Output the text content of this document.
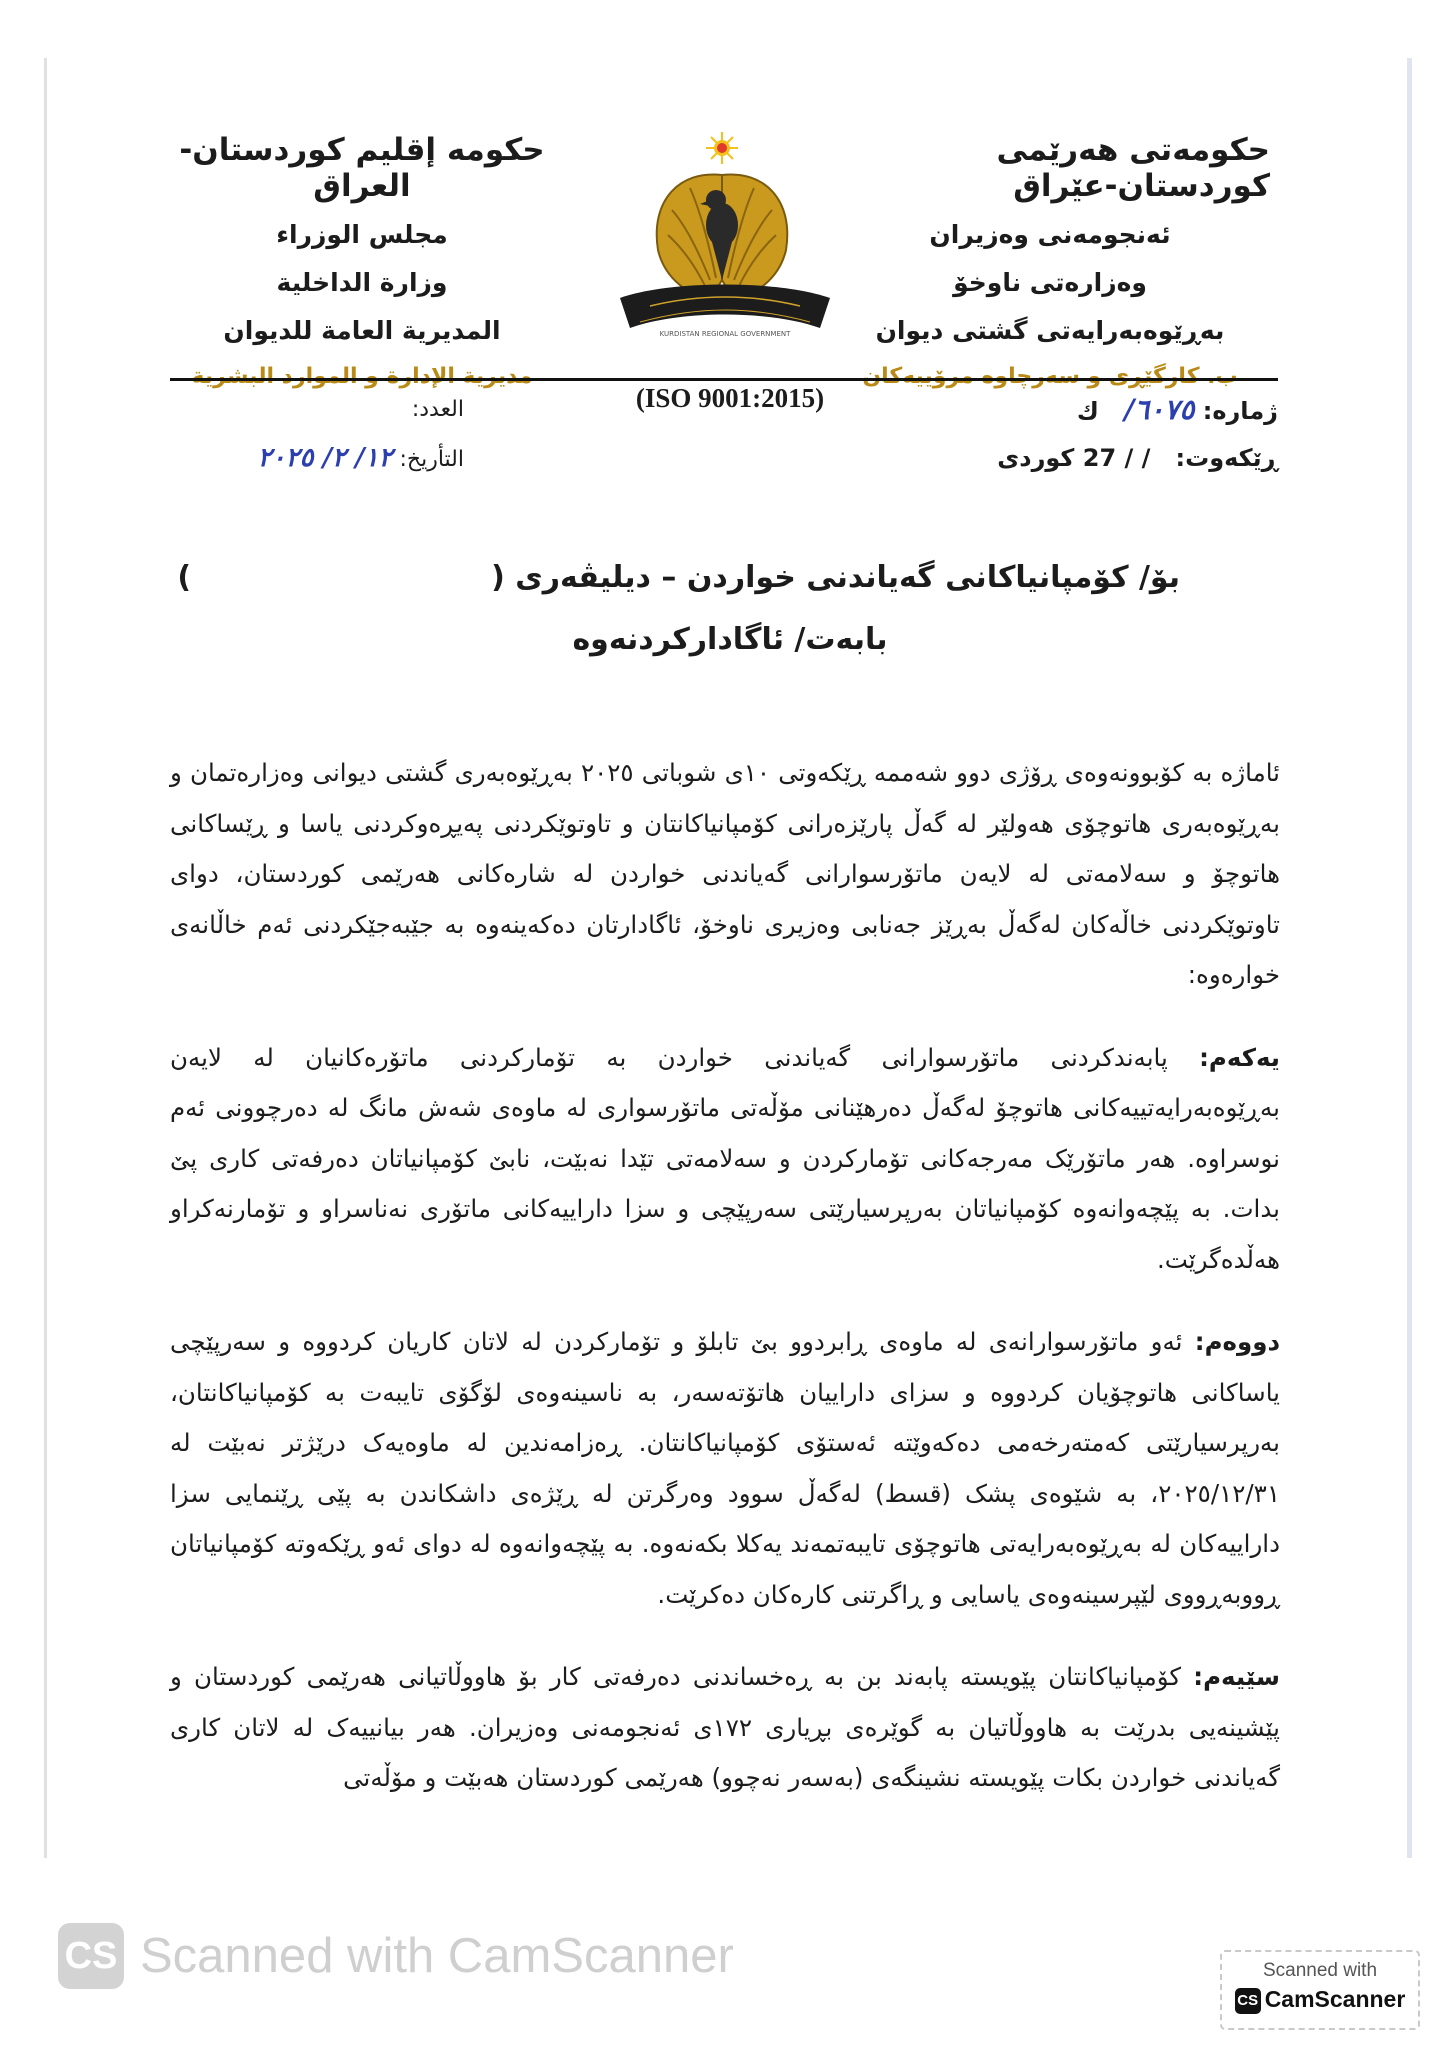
حکومەتی هەرێمی کوردستان-عێراق
ئەنجومەنی وەزیران
وەزارەتی ناوخۆ
بەڕێوەبەرایەتی گشتی دیوان
ب. کارگێڕی و سەرچاوە مرۆییەکان
حكومه إقليم كوردستان-العراق
مجلس الوزراء
وزارة الداخلية
المديرية العامة للديوان
مديرية الإدارة و الموارد البشرية
KURDISTAN REGIONAL GOVERNMENT
ژمارە: ٦٠٧٥/   ك
ڕێکەوت:   / / 27 کوردی
(ISO 9001:2015)
العدد:
التأريخ: ١٢/ ٢/ ٢٠٢٥
بۆ/ کۆمپانیاکانی گەیاندنی خواردن – دیلیڤەری ()
بابەت/ ئاگادارکردنەوە

ئاماژە بە کۆبوونەوەی ڕۆژی دوو شەممە ڕێکەوتی ١٠ی شوباتی ٢٠٢٥ بەڕێوەبەری گشتی دیوانی وەزارەتمان و بەڕێوەبەری هاتوچۆی هەولێر لە گەڵ پارێزەرانی کۆمپانیاکانتان و تاوتوێکردنی پەیڕەوکردنی یاسا و ڕێساکانی هاتوچۆ و سەلامەتی لە لایەن ماتۆرسوارانی گەیاندنی خواردن لە شارەکانی هەرێمی کوردستان، دوای تاوتوێکردنی خاڵەکان لەگەڵ بەڕێز جەنابی وەزیری ناوخۆ، ئاگادارتان دەکەینەوە بە جێبەجێکردنی ئەم خاڵانەی خوارەوە:

یەکەم: پابەندکردنی ماتۆرسوارانی گەیاندنی خواردن بە تۆمارکردنی ماتۆرەکانیان لە لایەن بەڕێوەبەرایەتییەکانی هاتوچۆ لەگەڵ دەرهێنانی مۆڵەتی ماتۆرسواری لە ماوەی شەش مانگ لە دەرچوونی ئەم نوسراوە. هەر ماتۆرێک مەرجەکانی تۆمارکردن و سەلامەتی تێدا نەبێت، نابێ کۆمپانیاتان دەرفەتی کاری پێ بدات. بە پێچەوانەوە کۆمپانیاتان بەرپرسیارێتی سەرپێچی و سزا داراییەکانی ماتۆری نەناسراو و تۆمارنەکراو هەڵدەگرێت.

دووەم: ئەو ماتۆرسوارانەی لە ماوەی ڕابردوو بێ تابلۆ و تۆمارکردن لە لاتان کاریان کردووە و سەرپێچی یاساکانی هاتوچۆیان کردووە و سزای داراییان هاتۆتەسەر، بە ناسینەوەی لۆگۆی تایبەت بە کۆمپانیاکانتان، بەرپرسیارێتی کەمتەرخەمی دەکەوێتە ئەستۆی کۆمپانیاکانتان. ڕەزامەندین لە ماوەیەک درێژتر نەبێت لە ٢٠٢٥/١٢/٣١، بە شێوەی پشک (قسط) لەگەڵ سوود وەرگرتن لە ڕێژەی داشکاندن بە پێی ڕێنمایی سزا داراییەکان لە بەڕێوەبەرایەتی هاتوچۆی تایبەتمەند یەکلا بکەنەوە. بە پێچەوانەوە لە دوای ئەو ڕێکەوتە کۆمپانیاتان ڕووبەڕووی لێپرسینەوەی یاسایی و ڕاگرتنی کارەکان دەکرێت.

سێیەم: کۆمپانیاکانتان پێویستە پابەند بن بە ڕەخساندنی دەرفەتی کار بۆ هاووڵاتیانی هەرێمی کوردستان و پێشینەیی بدرێت بە هاووڵاتیان بە گوێرەی بڕیاری ١٧٢ی ئەنجومەنی وەزیران. هەر بیانییەک لە لاتان کاری گەیاندنی خواردن بکات پێویستە نشینگەی (بەسەر نەچوو) هەرێمی کوردستان هەبێت و مۆڵەتی

CS Scanned with CamScanner	Scanned with
CS CamScanner
